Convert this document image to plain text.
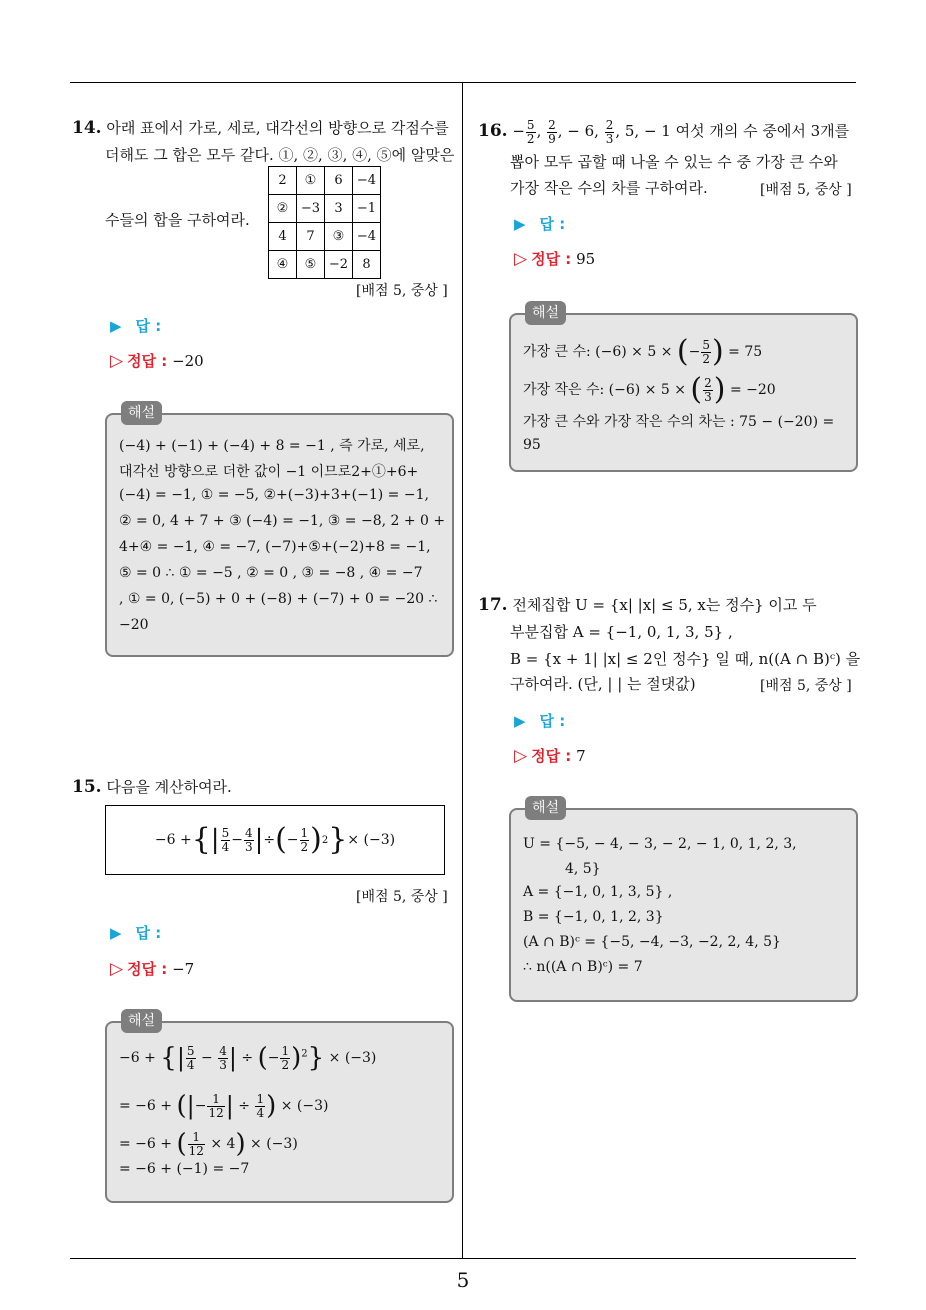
5
14. 아래 표에서 가로, 세로, 대각선의 방향으로 각점수를
더해도 그 합은 모두 같다. ①, ②, ③, ④, ⑤에 알맞은
수들의 합을 구하여라.
2	①	6	−4
②	−3	3	−1
4	7	③	−4
④	⑤	−2	8
[배점 5, 중상 ]
▶ 답 :
▷ 정답 : −20
해설
(−4) + (−1) + (−4) + 8 = −1 , 즉 가로, 세로,
대각선 방향으로 더한 값이 −1 이므로2+①+6+
(−4) = −1, ① = −5, ②+(−3)+3+(−1) = −1,
② = 0, 4 + 7 + ③ (−4) = −1, ③ = −8, 2 + 0 +
4+④ = −1, ④ = −7, (−7)+⑤+(−2)+8 = −1,
⑤ = 0 ∴ ① = −5 , ② = 0 , ③ = −8 , ④ = −7
, ① = 0, (−5) + 0 + (−8) + (−7) + 0 = −20 ∴
−20
15. 다음을 계산하여라.
−6 + { | $\frac{5}{4} - \frac{4}{3}$ | ÷ ( − $\frac{1}{2}$ ) 2 } × (−3)
[배점 5, 중상 ]
▶ 답 :
▷ 정답 : −7
해설
−6 + {| $\frac{5}{4} - \frac{4}{3}$ | ÷ (− $\frac{1}{2} )^2\} \times (-3)$
= −6 + (|− $\frac{1}{12}$ | ÷ $\frac{1}{4}$ ) × (−3)
= −6 + ( $\frac{1}{12} \times 4) \times (-3)$
= −6 + (−1) = −7
16. − $\frac{5}{2}$ , $\frac{2}{9}$ , − 6, $\frac{2}{3}$ , 5, − 1 여섯 개의 수 중에서 3개를
뽑아 모두 곱할 때 나올 수 있는 수 중 가장 큰 수와
가장 작은 수의 차를 구하여라.	[배점 5, 중상 ]
▶ 답 :
▷ 정답 : 95
해설
가장 큰 수: (−6) × 5 × (− $\frac{5}{2}$ ) = 75
가장 작은 수: (−6) × 5 × ( $\frac{2}{3}$ ) = −20
가장 큰 수와 가장 작은 수의 차는 : 75 − (−20) =
95
17. 전체집합 U = {x| |x| ≤ 5, x는 정수} 이고 두
부분집합 A = {−1, 0, 1, 3, 5} ,
B = {x + 1| |x| ≤ 2인 정수} 일 때, n((A ∩ B)ᶜ) 을
구하여라. (단, | | 는 절댓값)	[배점 5, 중상 ]
▶ 답 :
▷ 정답 : 7
해설
U = {−5, − 4, − 3, − 2, − 1, 0, 1, 2, 3,
4, 5}
A = {−1, 0, 1, 3, 5} ,
B = {−1, 0, 1, 2, 3}
(A ∩ B)ᶜ = {−5, −4, −3, −2, 2, 4, 5}
∴ n((A ∩ B)ᶜ) = 7
